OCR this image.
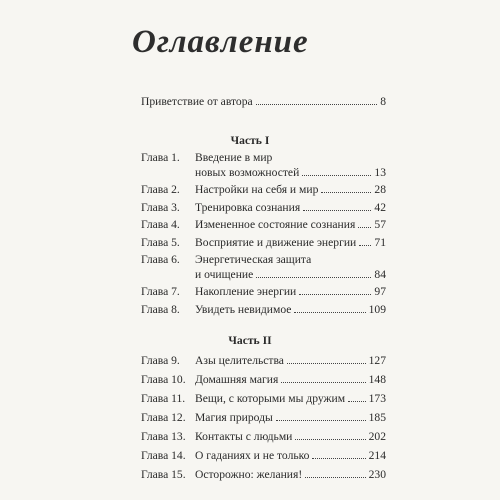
Оглавление
Приветствие от автора	8
Часть I
Глава 1.	Введение в мир
новых возможностей	13
Глава 2.	Настройки на себя и мир	28
Глава 3.	Тренировка сознания	42
Глава 4.	Измененное состояние сознания 57
Глава 5.	Восприятие и движение энергии 71
Глава 6.	Энергетическая защита
и очищение	84
Глава 7.	Накопление энергии	97
Глава 8.	Увидеть невидимое	109
Часть II
Глава 9.	Азы целительства	127
Глава 10. Домашняя магия	148
Глава 11. Вещи, с которыми мы дружим 173
Глава 12. Магия природы	185
Глава 13. Контакты с людьми	202
Глава 14. О гаданиях и не только	214
Глава 15. Осторожно: желания!	230
